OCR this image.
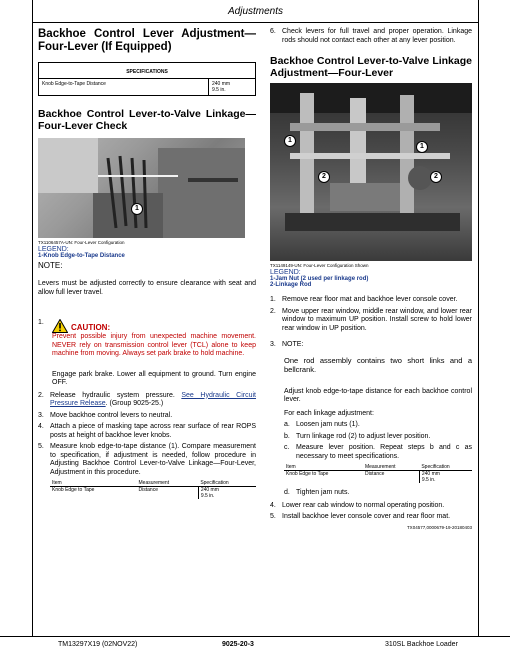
Adjustments
Backhoe Control Lever Adjustment—Four-Lever (If Equipped)
SPECIFICATIONS
Knob Edge-to-Tape Distance	240 mm
9.5 in.
Backhoe Control Lever-to-Valve Linkage—Four-Lever Check
1
TX1106457A-UN: Four-Lever Configuration
LEGEND:
1-Knob Edge-to-Tape Distance
NOTE:
Levers must be adjusted correctly to ensure clearance with seat and allow full lever travel.
1.
CAUTION:
Prevent possible injury from unexpected machine movement. NEVER rely on transmission control lever (TCL) alone to keep machine from moving. Always set park brake to hold machine.
Engage park brake. Lower all equipment to ground. Turn engine OFF.
2. Release hydraulic system pressure. See Hydraulic Circuit Pressure Release. (Group 9025-25.)
3. Move backhoe control levers to neutral.
4. Attach a piece of masking tape across rear surface of rear ROPS posts at height of backhoe lever knobs.
5. Measure knob edge-to-tape distance (1). Compare measurement to specification, if adjustment is needed, follow procedure in Adjusting Backhoe Control Lever-to-Valve Linkage—Four-Lever, Adjustment in this procedure.
Item	Measurement	Specification
Knob Edge to Tape	Distance	240 mm
9.5 in.
6. Check levers for full travel and proper operation. Linkage rods should not contact each other at any lever position.
Backhoe Control Lever-to-Valve Linkage Adjustment—Four-Lever
1
1
2	2
TX1149149-UN: Four-Lever Configuration Shown
LEGEND:
1-Jam Nut (2 used per linkage rod)
2-Linkage Rod
1. Remove rear floor mat and backhoe lever console cover.
2. Move upper rear window, middle rear window, and lower rear window to maximum UP position. Install screw to hold lower rear window in UP position.
3. NOTE:
One rod assembly contains two short links and a bellcrank.
Adjust knob edge-to-tape distance for each backhoe control lever.
For each linkage adjustment:
a. Loosen jam nuts (1).
b. Turn linkage rod (2) to adjust lever position.
c. Measure lever position. Repeat steps b and c as necessary to meet specifications.
Item	Measurement	Specification
Knob Edge to Tape	Distance	240 mm
9.5 in.
d. Tighten jam nuts.
4. Lower rear cab window to normal operating position.
5. Install backhoe lever console cover and rear floor mat.
TX04577,0000679-19-20180403
TM13297X19 (02NOV22)	9025-20-3	310SL Backhoe Loader
